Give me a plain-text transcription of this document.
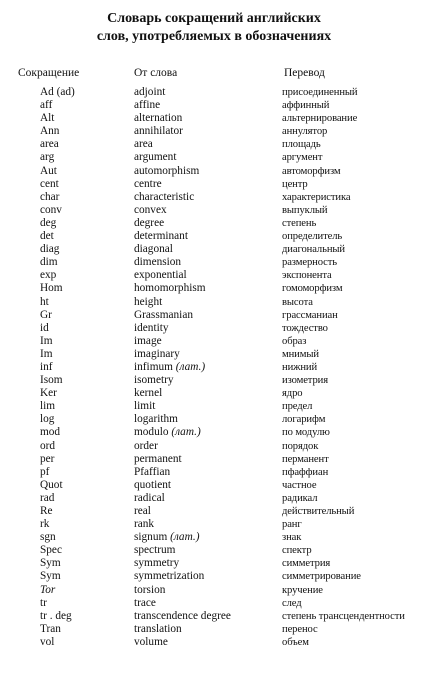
Словарь сокращений английских
слов, употребляемых в обозначениях
Сокращение	От слова	Перевод
Ad (ad)	adjoint	присоединенный
aff	affine	аффинный
Alt	alternation	альтернирование
Ann	annihilator	аннулятор
area	area	площадь
arg	argument	аргумент
Aut	automorphism	автоморфизм
cent	centre	центр
char	characteristic	характеристика
conv	convex	выпуклый
deg	degree	степень
det	determinant	определитель
diag	diagonal	диагональный
dim	dimension	размерность
exp	exponential	экспонента
Hom	homomorphism	гомоморфизм
ht	height	высота
Gr	Grassmanian	грассманиан
id	identity	тождество
Im	image	образ
Im	imaginary	мнимый
inf	infimum (лат.)	нижний
Isom	isometry	изометрия
Ker	kernel	ядро
lim	limit	предел
log	logarithm	логарифм
mod	modulo (лат.)	по модулю
ord	order	порядок
per	permanent	перманент
pf	Pfaffian	пфаффиан
Quot	quotient	частное
rad	radical	радикал
Re	real	действительный
rk	rank	ранг
sgn	signum (лат.)	знак
Spec	spectrum	спектр
Sym	symmetry	симметрия
Sym	symmetrization	симметрирование
Tor	torsion	кручение
tr	trace	след
tr . deg	transcendence degree	степень трансцендентности
Tran	translation	перенос
vol	volume	объем
